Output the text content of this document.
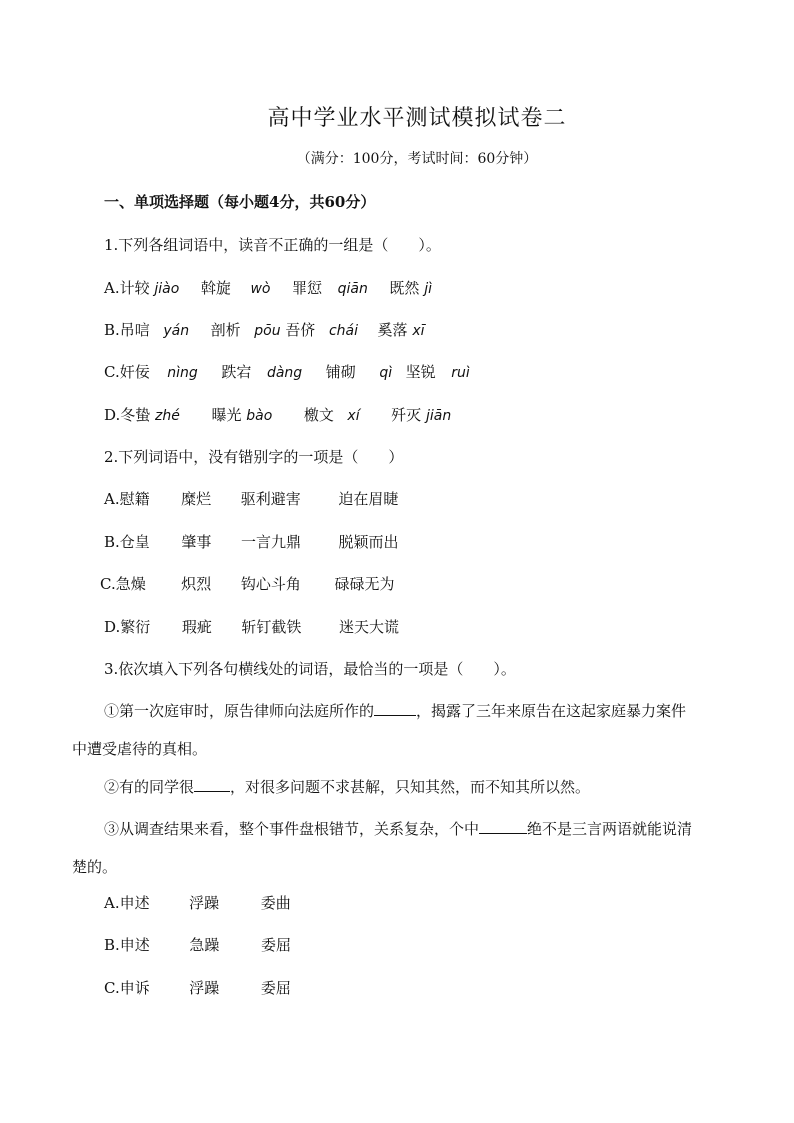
高中学业水平测试模拟试卷二
（满分：100分，考试时间：60分钟）
一、单项选择题（每小题4分，共60分）
1.下列各组词语中，读音不正确的一组是（　　）。
A.计较 jiào 斡旋 wò 罪愆 qiān 既然 jì
B.吊唁 yán 剖析 pōu 吾侪 chái 奚落 xī
C.奸佞 nìng 跌宕 dàng 铺砌 qì 坚锐 ruì
D.冬蛰 zhé 曝光 bào 檄文 xí 歼灭 jiān
2.下列词语中，没有错别字的一项是（　　）
A.慰籍 糜烂 驱利避害	迫在眉睫
B.仓皇 肇事 一言九鼎	脱颖而出
C.急燥 炽烈 钩心斗角 碌碌无为
D.繁衍 瑕疵 斩钉截铁	迷天大谎
3.依次填入下列各句横线处的词语，最恰当的一项是（　　）。
①第一次庭审时，原告律师向法庭所作的	，揭露了三年来原告在这起家庭暴力案件
中遭受虐待的真相。
②有的同学很 ，对很多问题不求甚解，只知其然，而不知其所以然。
③从调查结果来看，整个事件盘根错节，关系复杂，个中	绝不是三言两语就能说清
楚的。
A.申述	浮躁	委曲
B.申述	急躁	委屈
C.申诉	浮躁	委屈
